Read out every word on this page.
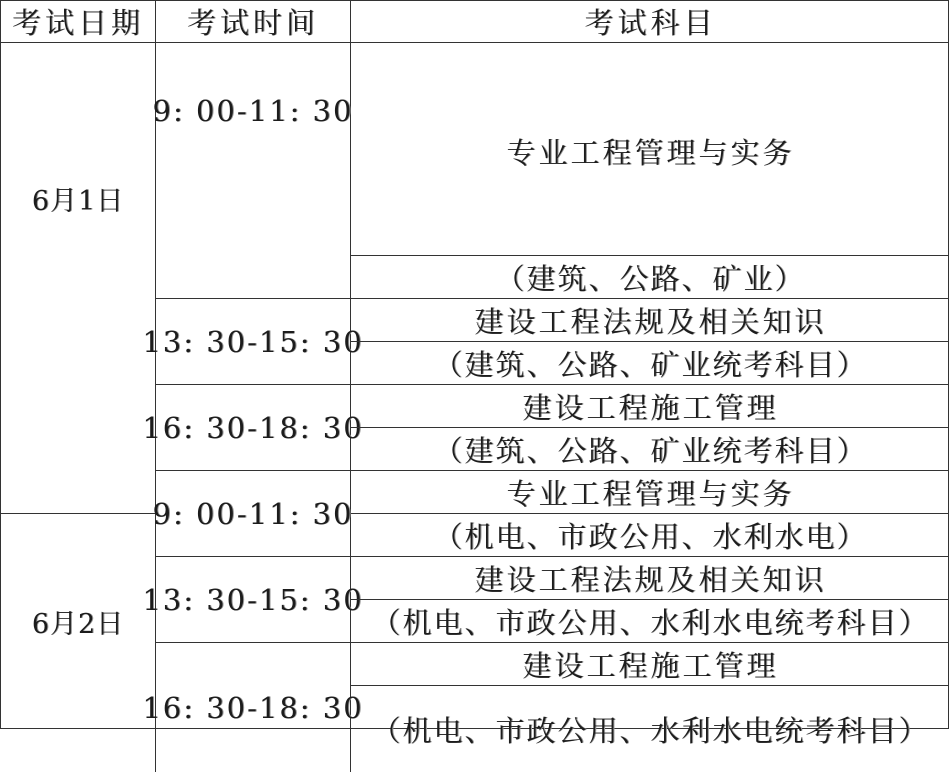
考试日期	考试时间	考试科目
6月1日
9: 00-11: 30
专业工程管理与实务
（建筑、公路、矿业）
13: 30-15: 30
建设工程法规及相关知识
（建筑、公路、矿业统考科目）
16: 30-18: 30
建设工程施工管理
（建筑、公路、矿业统考科目）
6月2日
9: 00-11: 30
专业工程管理与实务
（机电、市政公用、水利水电）
13: 30-15: 30
建设工程法规及相关知识
（机电、市政公用、水利水电统考科目）
16: 30-18: 30
建设工程施工管理
（机电、市政公用、水利水电统考科目）
